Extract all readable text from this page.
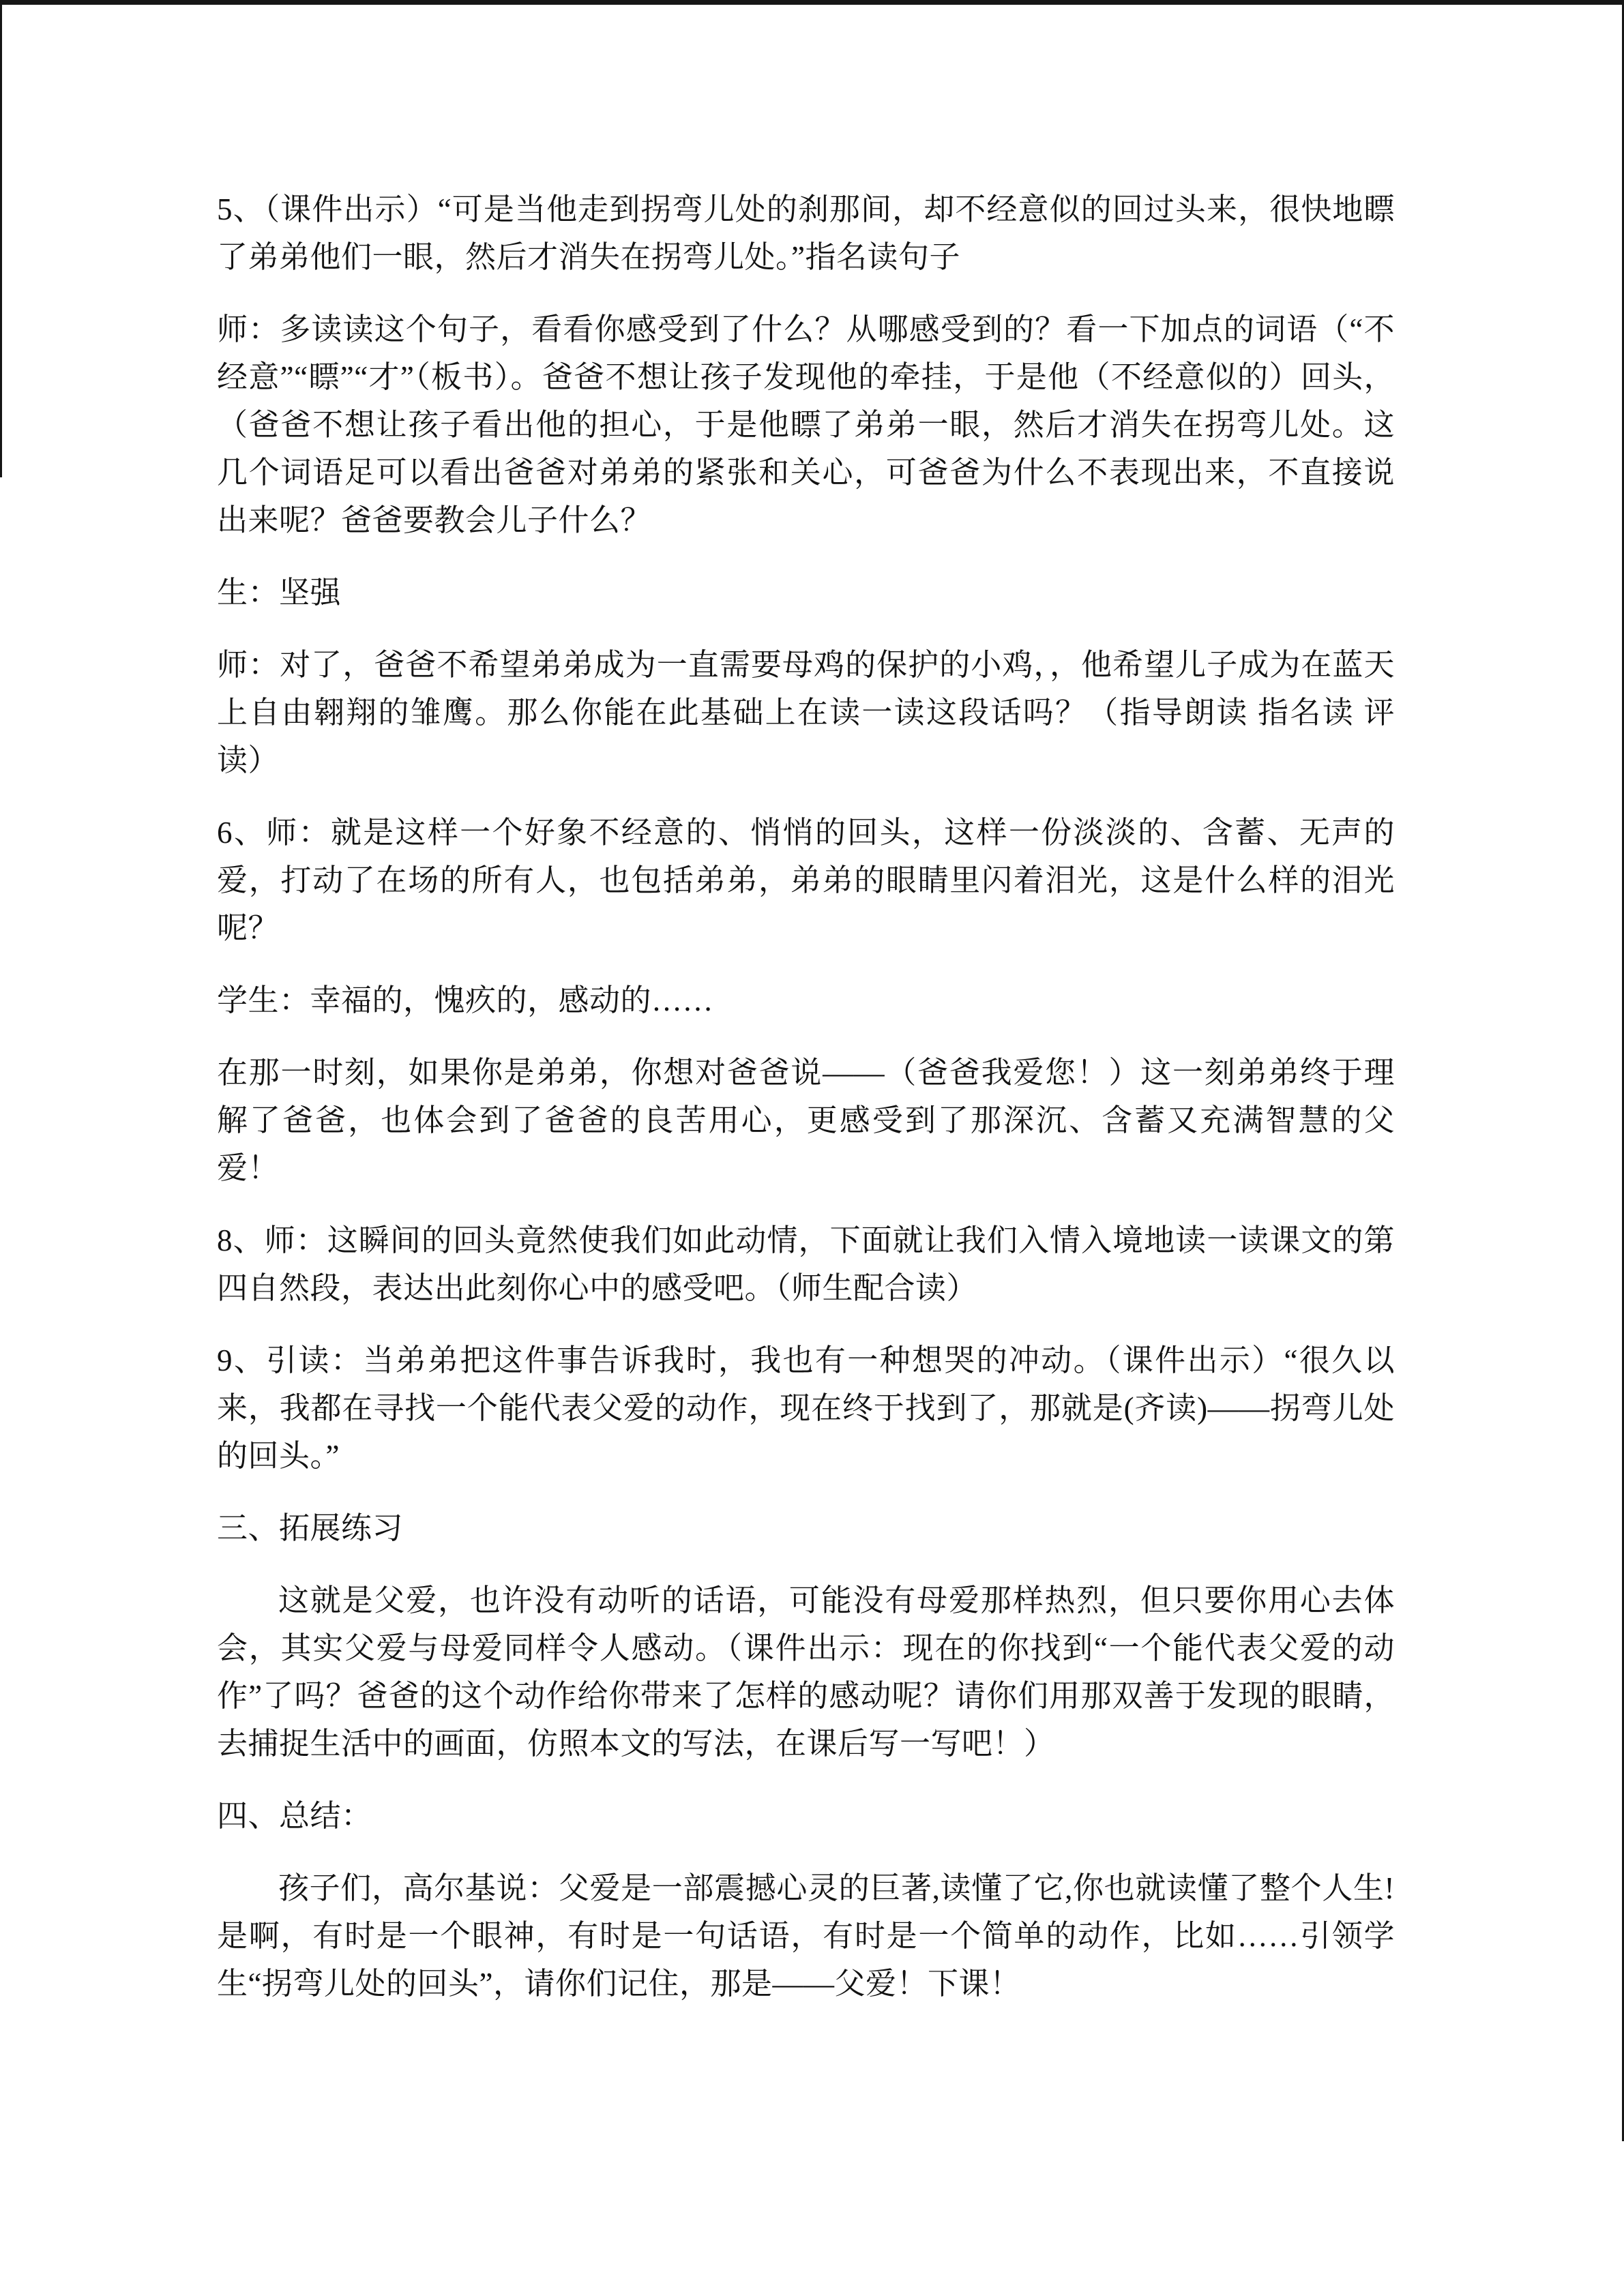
5、（课件出示）“可是当他走到拐弯儿处的刹那间，却不经意似的回过头来，很快地瞟了弟弟他们一眼，然后才消失在拐弯儿处。”指名读句子

师：多读读这个句子，看看你感受到了什么？从哪感受到的？看一下加点的词语（“不经意”“瞟”“才”（板书）。爸爸不想让孩子发现他的牵挂，于是他（不经意似的）回头，（爸爸不想让孩子看出他的担心，于是他瞟了弟弟一眼，然后才消失在拐弯儿处。这几个词语足可以看出爸爸对弟弟的紧张和关心，可爸爸为什么不表现出来，不直接说出来呢？爸爸要教会儿子什么？

生：坚强

师：对了，爸爸不希望弟弟成为一直需要母鸡的保护的小鸡，，他希望儿子成为在蓝天上自由翱翔的雏鹰。那么你能在此基础上在读一读这段话吗？（指导朗读 指名读 评读）

6、师：就是这样一个好象不经意的、悄悄的回头，这样一份淡淡的、含蓄、无声的爱，打动了在场的所有人，也包括弟弟，弟弟的眼睛里闪着泪光，这是什么样的泪光呢？

学生：幸福的，愧疚的，感动的……

在那一时刻，如果你是弟弟，你想对爸爸说——（爸爸我爱您！）这一刻弟弟终于理解了爸爸，也体会到了爸爸的良苦用心，更感受到了那深沉、含蓄又充满智慧的父爱！

8、师：这瞬间的回头竟然使我们如此动情，下面就让我们入情入境地读一读课文的第四自然段，表达出此刻你心中的感受吧。（师生配合读）

9、引读：当弟弟把这件事告诉我时，我也有一种想哭的冲动。（课件出示）“很久以来，我都在寻找一个能代表父爱的动作，现在终于找到了，那就是(齐读)——拐弯儿处的回头。”

三、拓展练习

这就是父爱，也许没有动听的话语，可能没有母爱那样热烈，但只要你用心去体会，其实父爱与母爱同样令人感动。（课件出示：现在的你找到“一个能代表父爱的动作”了吗？爸爸的这个动作给你带来了怎样的感动呢？请你们用那双善于发现的眼睛，去捕捉生活中的画面，仿照本文的写法，在课后写一写吧！）

四、总结：

孩子们，高尔基说：父爱是一部震撼心灵的巨著,读懂了它,你也就读懂了整个人生!是啊，有时是一个眼神，有时是一句话语，有时是一个简单的动作，比如……引领学生“拐弯儿处的回头”，请你们记住，那是——父爱！下课！
